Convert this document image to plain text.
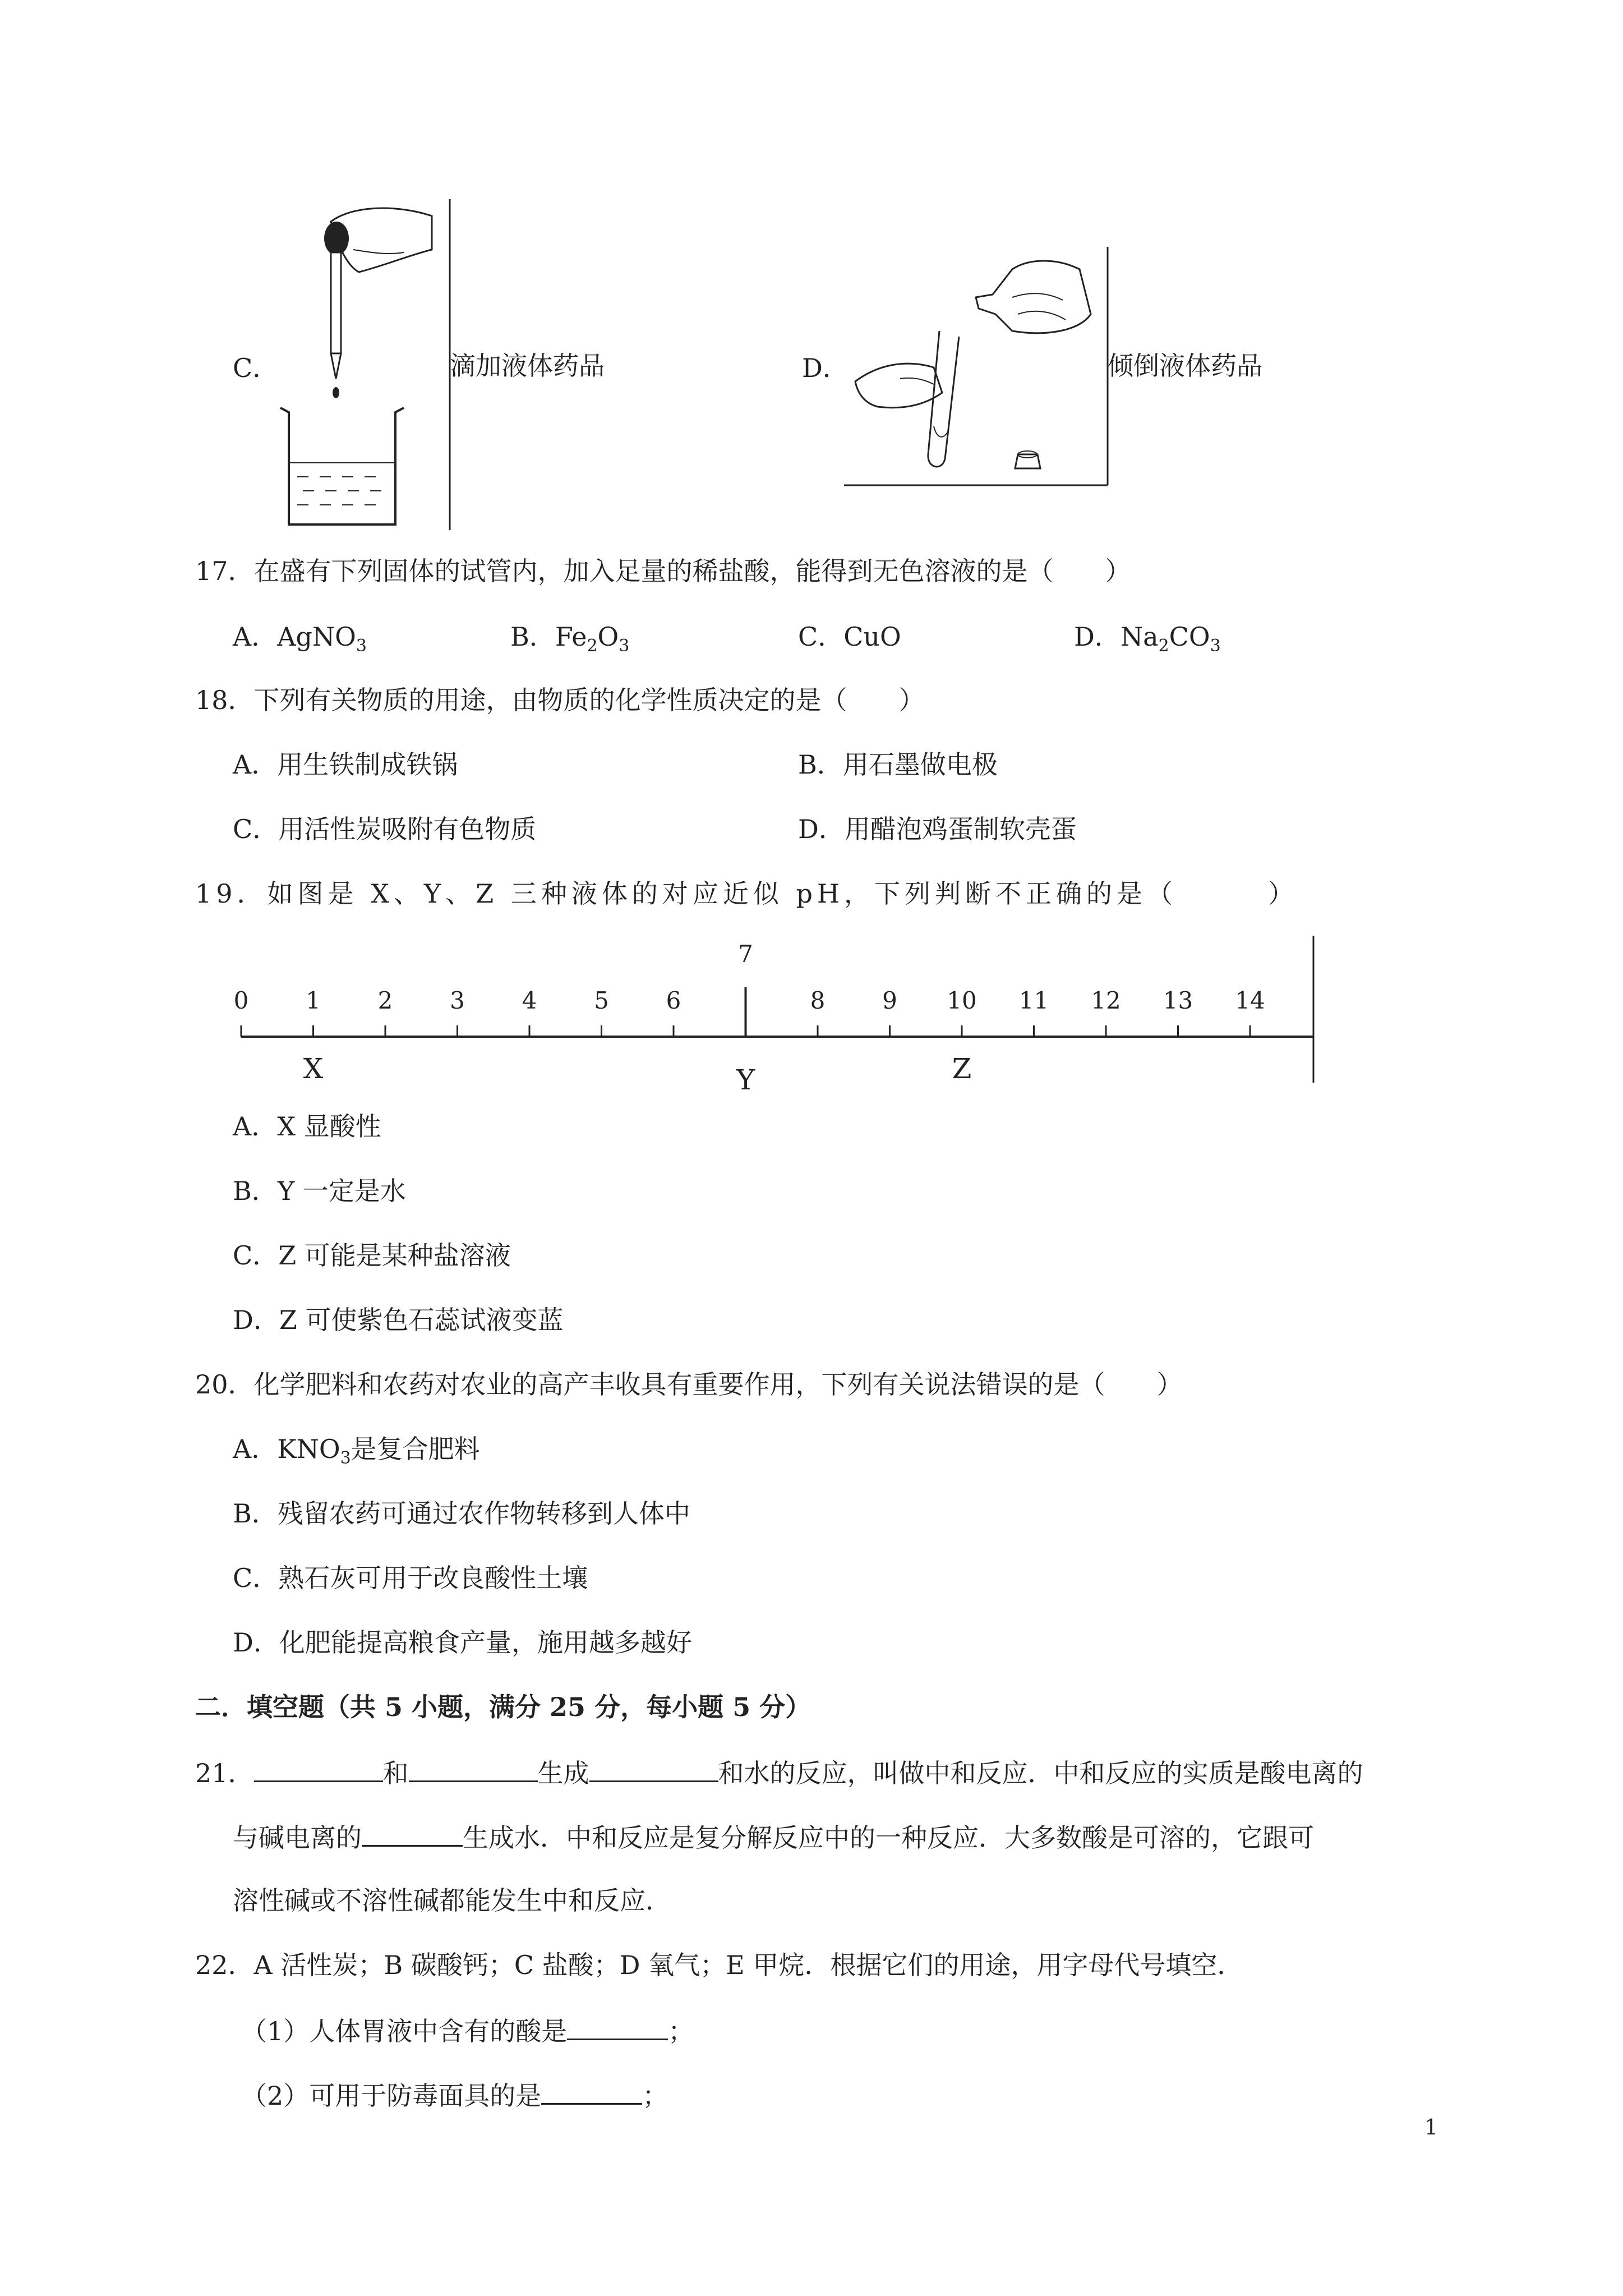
C．	滴加液体药品	D．	倾倒液体药品
17．在盛有下列固体的试管内，加入足量的稀盐酸，能得到无色溶液的是（　　）
A．AgNO$_3$	B．$Fe_2O_3$	C．CuO	D．$Na_2CO_3$
18．下列有关物质的用途，由物质的化学性质决定的是（　　）
A．用生铁制成铁锅	B．用石墨做电极
C．用活性炭吸附有色物质	D．用醋泡鸡蛋制软壳蛋
19．如图是 X、Y、Z 三种液体的对应近似 pH，下列判断不正确的是（　　　）
0 1 2 3 4 5 6
7
8 9 10 11 12 13 14
X	Y	Z
A．X 显酸性
B．Y 一定是水
C．Z 可能是某种盐溶液
D．Z 可使紫色石蕊试液变蓝
20．化学肥料和农药对农业的高产丰收具有重要作用，下列有关说法错误的是（　　）
A．$KNO_3$是复合肥料
B．残留农药可通过农作物转移到人体中
C．熟石灰可用于改良酸性土壤
D．化肥能提高粮食产量，施用越多越好
二．填空题（共 5 小题，满分 25 分，每小题 5 分）
21．	和	生成	和水的反应，叫做中和反应．中和反应的实质是酸电离的
与碱电离的	生成水．中和反应是复分解反应中的一种反应．大多数酸是可溶的，它跟可
溶性碱或不溶性碱都能发生中和反应．
22．A 活性炭；B 碳酸钙；C 盐酸；D 氧气；E 甲烷．根据它们的用途，用字母代号填空．
（1）人体胃液中含有的酸是	；
（2）可用于防毒面具的是	；
1
